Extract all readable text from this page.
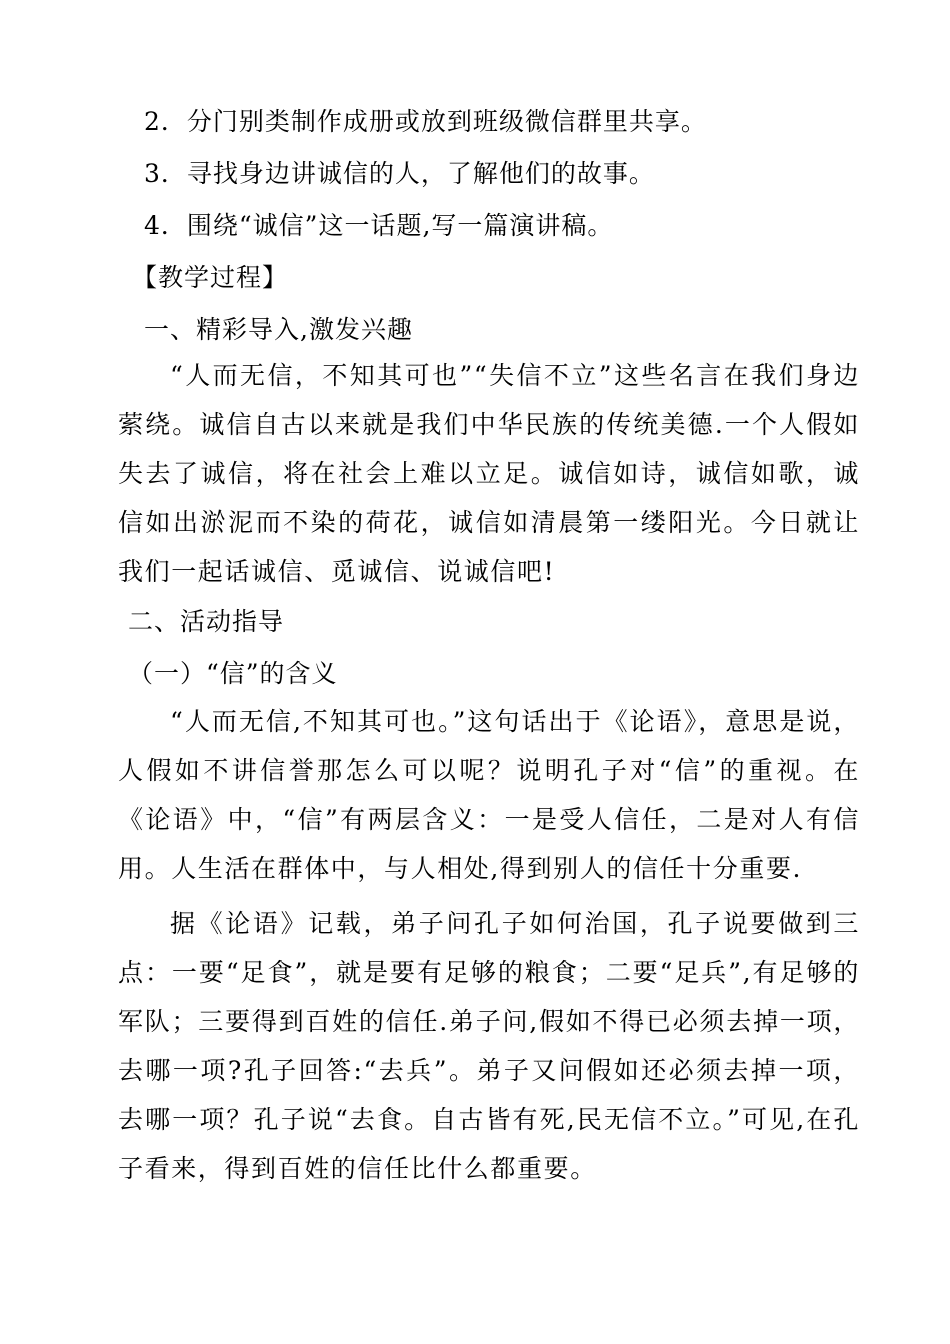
2．分门别类制作成册或放到班级微信群里共享。

3．寻找身边讲诚信的人，了解他们的故事。

4．围绕“诚信”这一话题,写一篇演讲稿。

【教学过程】

一、精彩导入,激发兴趣

“人而无信，不知其可也”“失信不立”这些名言在我们身边萦绕。诚信自古以来就是我们中华民族的传统美德.一个人假如失去了诚信，将在社会上难以立足。诚信如诗，诚信如歌，诚信如出淤泥而不染的荷花，诚信如清晨第一缕阳光。今日就让我们一起话诚信、觅诚信、说诚信吧!

二、活动指导

（一）“信”的含义

“人而无信,不知其可也。”这句话出于《论语》，意思是说，人假如不讲信誉那怎么可以呢？说明孔子对“信”的重视。在《论语》中，“信”有两层含义：一是受人信任，二是对人有信用。人生活在群体中，与人相处,得到别人的信任十分重要.

据《论语》记载，弟子问孔子如何治国，孔子说要做到三点：一要“足食”，就是要有足够的粮食；二要“足兵”,有足够的军队；三要得到百姓的信任.弟子问,假如不得已必须去掉一项，去哪一项?孔子回答:“去兵”。弟子又问假如还必须去掉一项，去哪一项？孔子说“去食。自古皆有死,民无信不立。”可见,在孔子看来，得到百姓的信任比什么都重要。
